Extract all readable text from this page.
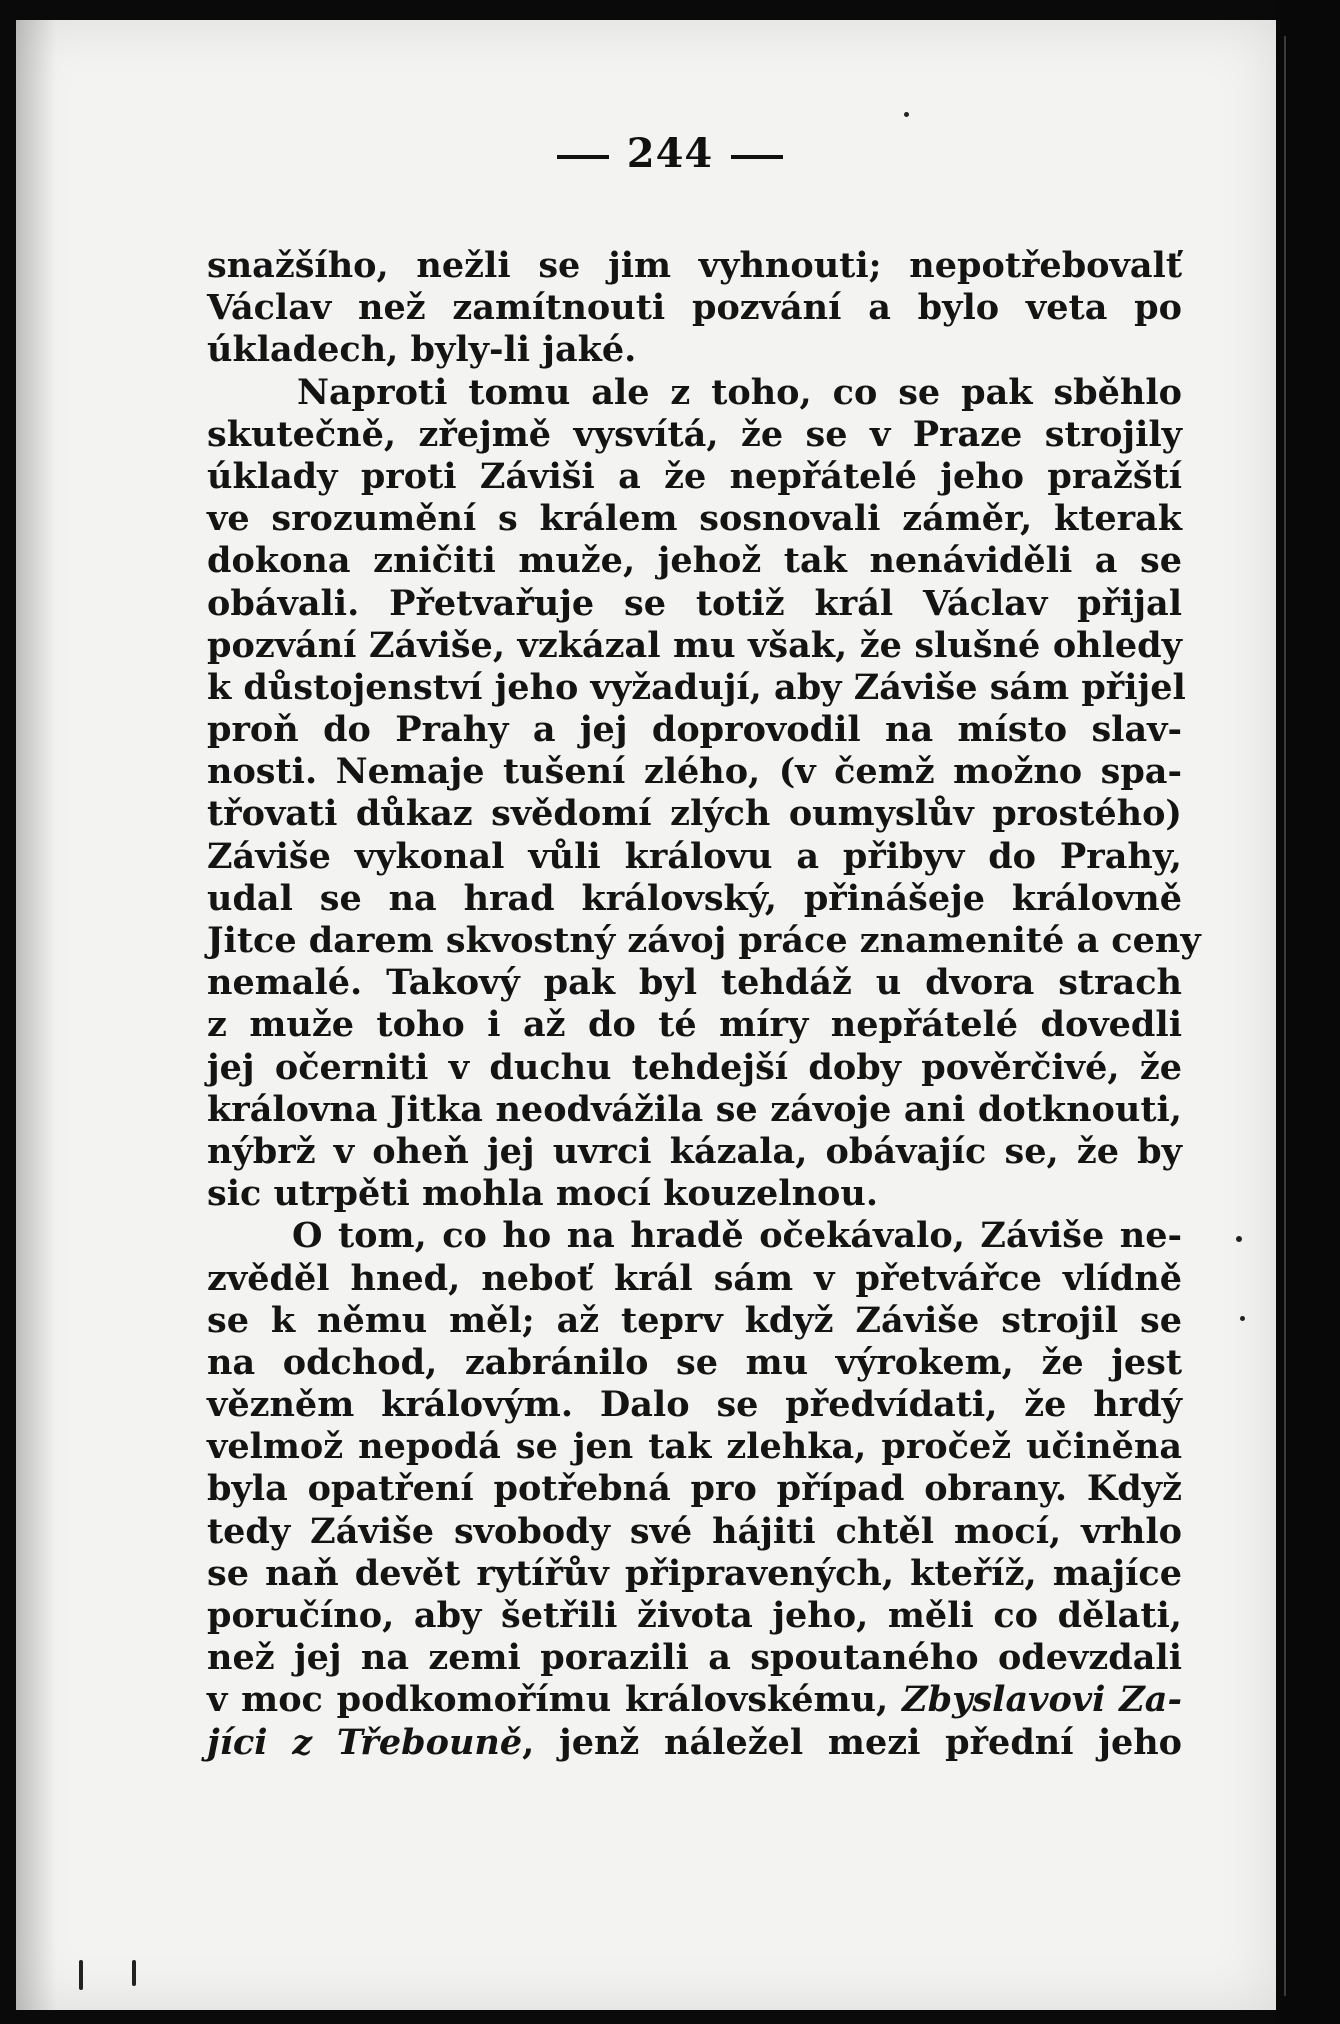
244
snažšího, nežli se jim vyhnouti; nepotřebovalť
Václav než zamítnouti pozvání a bylo veta po
úkladech, byly-li jaké.
Naproti tomu ale z toho, co se pak sběhlo
skutečně, zřejmě vysvítá, že se v Praze strojily
úklady proti Záviši a že nepřátelé jeho pražští
ve srozumění s králem sosnovali záměr, kterak
dokona zničiti muže, jehož tak nenáviděli a se
obávali. Přetvařuje se totiž král Václav přijal
pozvání Záviše, vzkázal mu však, že slušné ohledy
k důstojenství jeho vyžadují, aby Záviše sám přijel
proň do Prahy a jej doprovodil na místo slav-
nosti. Nemaje tušení zlého, (v čemž možno spa-
třovati důkaz svědomí zlých oumyslův prostého)
Záviše vykonal vůli královu a přibyv do Prahy,
udal se na hrad královský, přinášeje královně
Jitce darem skvostný závoj práce znamenité a ceny
nemalé. Takový pak byl tehdáž u dvora strach
z muže toho i až do té míry nepřátelé dovedli
jej očerniti v duchu tehdejší doby pověrčivé, že
královna Jitka neodvážila se závoje ani dotknouti,
nýbrž v oheň jej uvrci kázala, obávajíc se, že by
sic utrpěti mohla mocí kouzelnou.
O tom, co ho na hradě očekávalo, Záviše ne-
zvěděl hned, neboť král sám v přetvářce vlídně
se k němu měl; až teprv když Záviše strojil se
na odchod, zabránilo se mu výrokem, že jest
vězněm královým. Dalo se předvídati, že hrdý
velmož nepodá se jen tak zlehka, pročež učiněna
byla opatření potřebná pro případ obrany. Když
tedy Záviše svobody své hájiti chtěl mocí, vrhlo
se naň devět rytířův připravených, kteříž, majíce
poručíno, aby šetřili života jeho, měli co dělati,
než jej na zemi porazili a spoutaného odevzdali
v moc podkomořímu královskému, Zbyslavovi Za-
jíci z Třebouně, jenž náležel mezi přední jeho
